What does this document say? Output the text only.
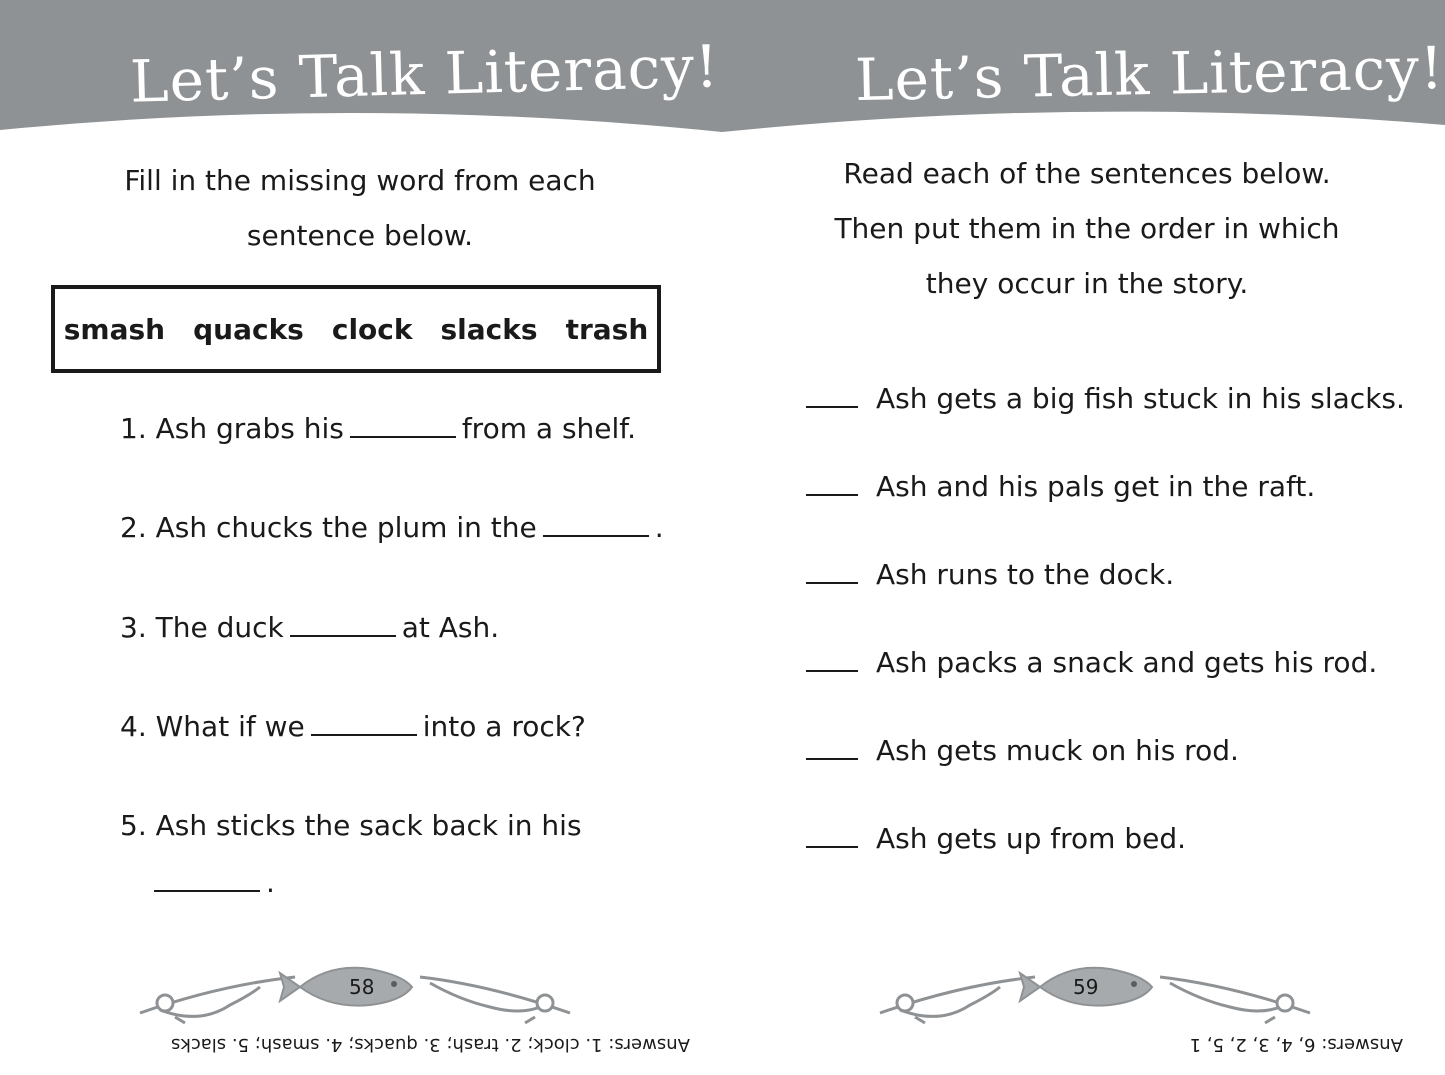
Let’s Talk Literacy! Let’s Talk Literacy!
Fill in the missing word from each
sentence below.
smash quacks clock slacks trash
1. Ash grabs his	from a shelf.
2. Ash chucks the plum in the	.
3. The duck	at Ash.
4. What if we	into a rock?
5. Ash sticks the sack back in his
.
58
Answers: 1. clock; 2. trash; 3. quacks; 4. smash; 5. slacks
Read each of the sentences below.
Then put them in the order in which
they occur in the story.
Ash gets a big fish stuck in his slacks.
Ash and his pals get in the raft.
Ash runs to the dock.
Ash packs a snack and gets his rod.
Ash gets muck on his rod.
Ash gets up from bed.
59
Answers: 6, 4, 3, 2, 5, 1
